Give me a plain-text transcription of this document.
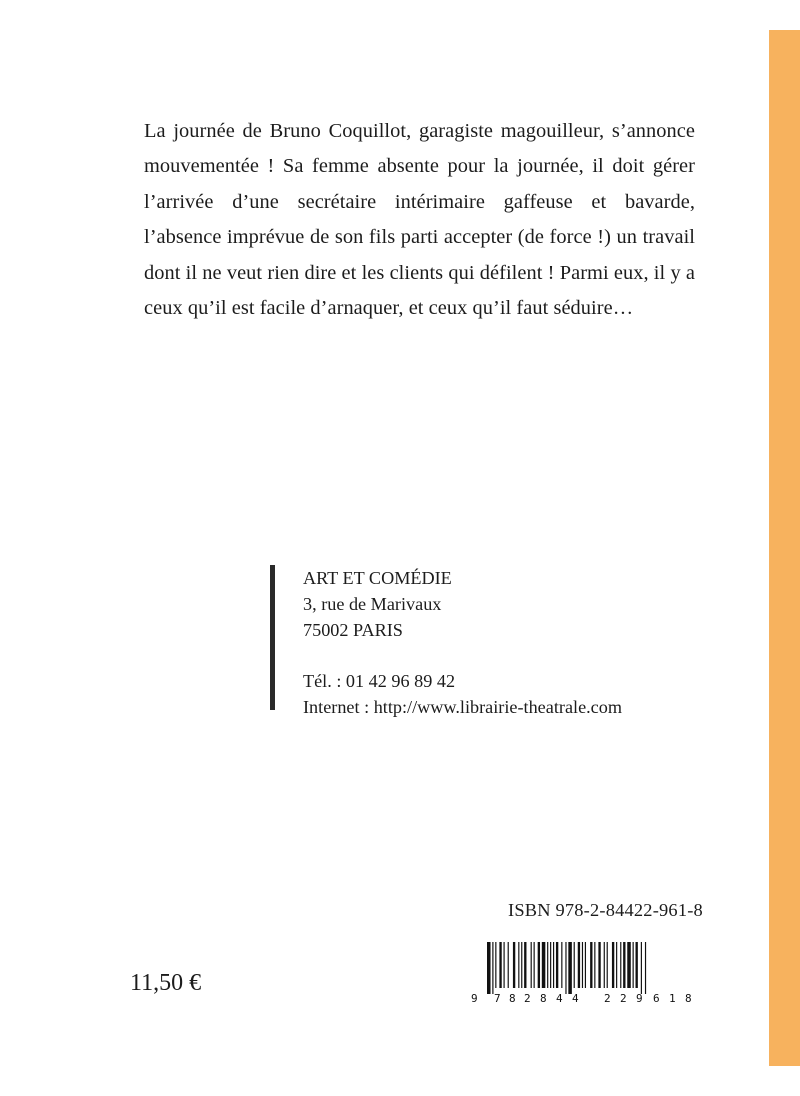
La journée de Bruno Coquillot, garagiste magouilleur, s’annonce mouvementée ! Sa femme absente pour la journée, il doit gérer l’arrivée d’une secrétaire intérimaire gaffeuse et bavarde, l’absence imprévue de son fils parti accepter (de force !) un travail dont il ne veut rien dire et les clients qui défilent ! Parmi eux, il y a ceux qu’il est facile d’arnaquer, et ceux qu’il faut séduire…

ART ET COMÉDIE
3, rue de Marivaux
75002 PARIS
Tél. : 01 42 96 89 42
Internet : http://www.librairie-theatrale.com
ISBN 978-2-84422-961-8
9 7 8 2 8 4 4 2 2 9 6 1 8
11,50 €
